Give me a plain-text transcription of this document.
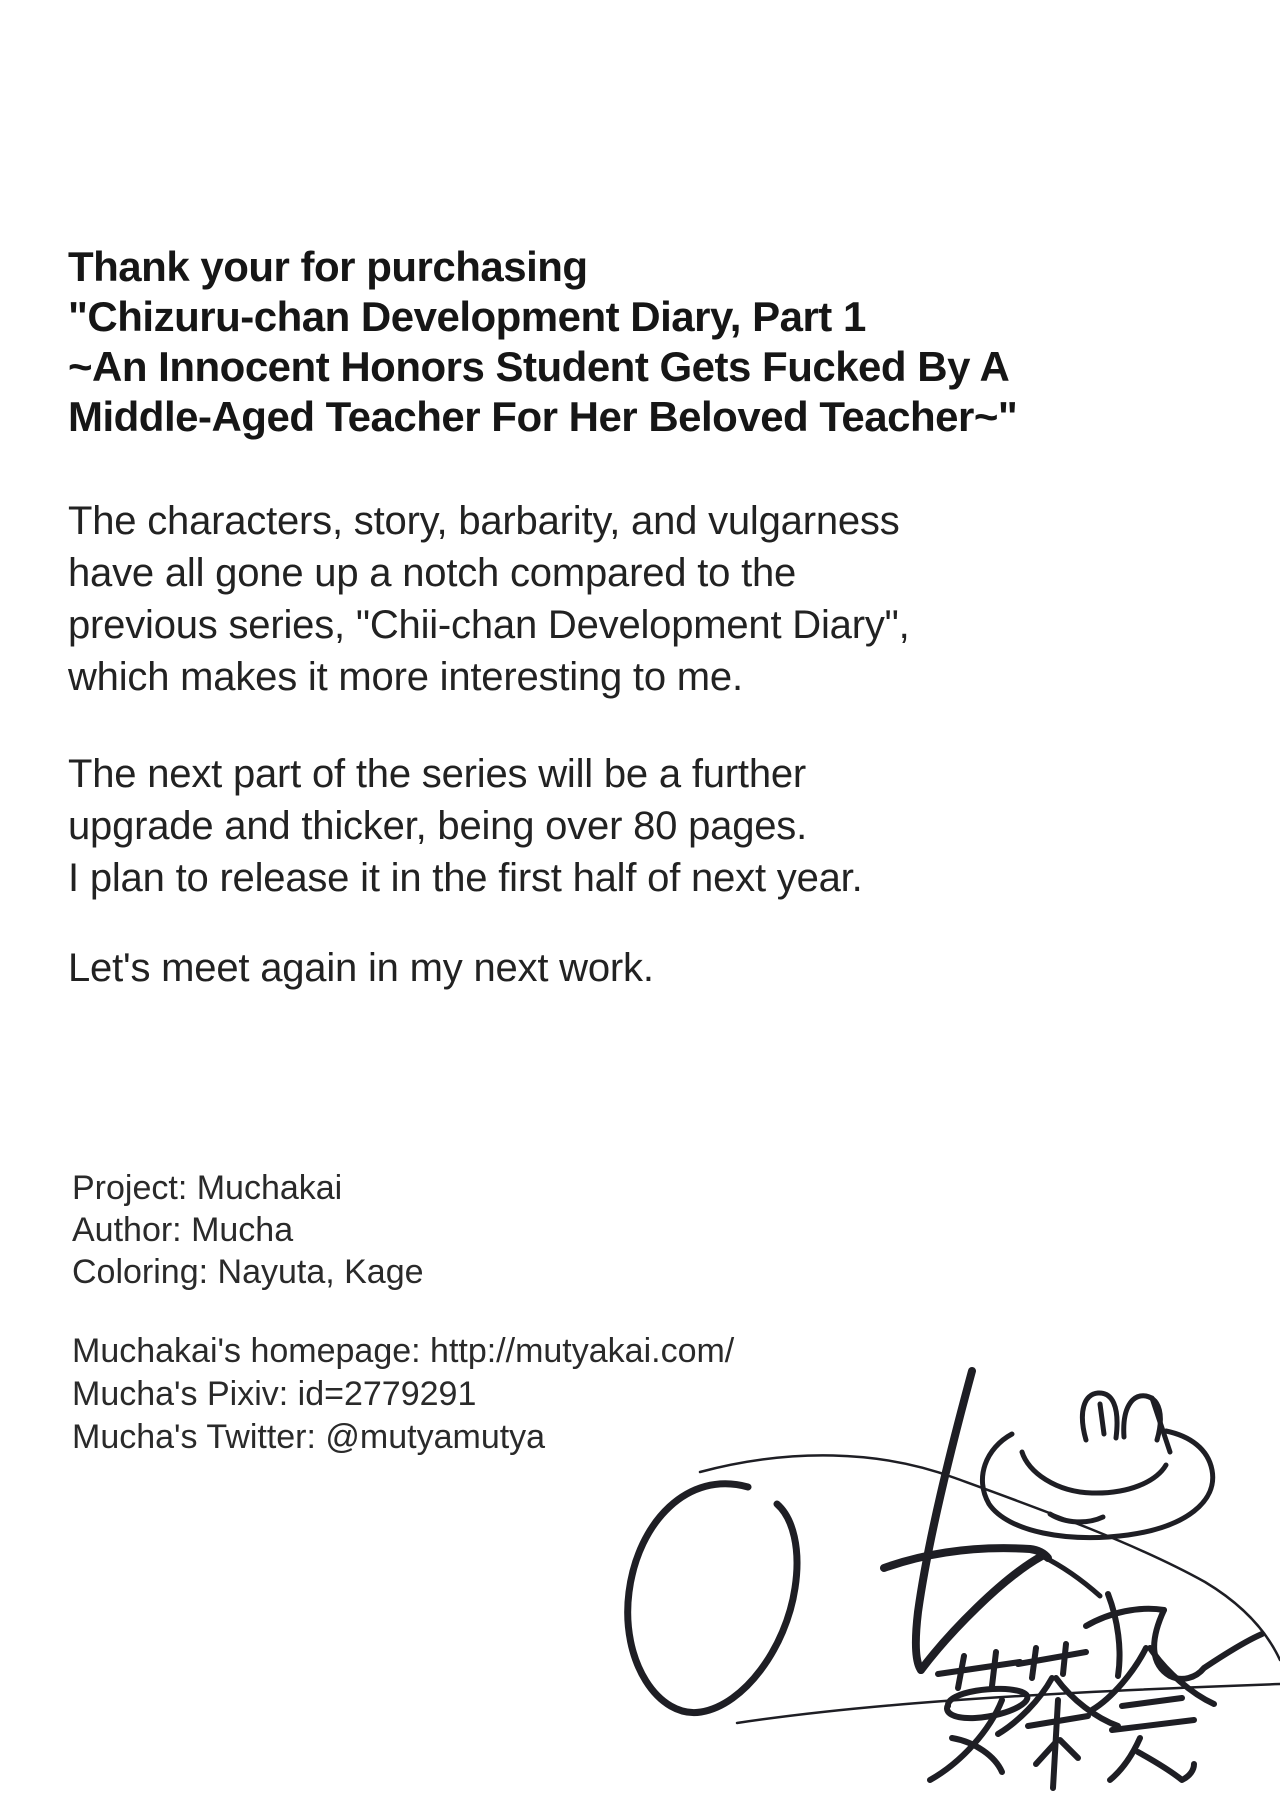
Thank your for purchasing
"Chizuru-chan Development Diary, Part 1
~An Innocent Honors Student Gets Fucked By A
Middle-Aged Teacher For Her Beloved Teacher~"
The characters, story, barbarity, and vulgarness
have all gone up a notch compared to the
previous series, "Chii-chan Development Diary",
which makes it more interesting to me.
The next part of the series will be a further
upgrade and thicker, being over 80 pages.
I plan to release it in the first half of next year.
Let's meet again in my next work.
Project: Muchakai
Author: Mucha
Coloring: Nayuta, Kage
Muchakai's homepage: http://mutyakai.com/
Mucha's Pixiv: id=2779291
Mucha's Twitter: @mutyamutya
